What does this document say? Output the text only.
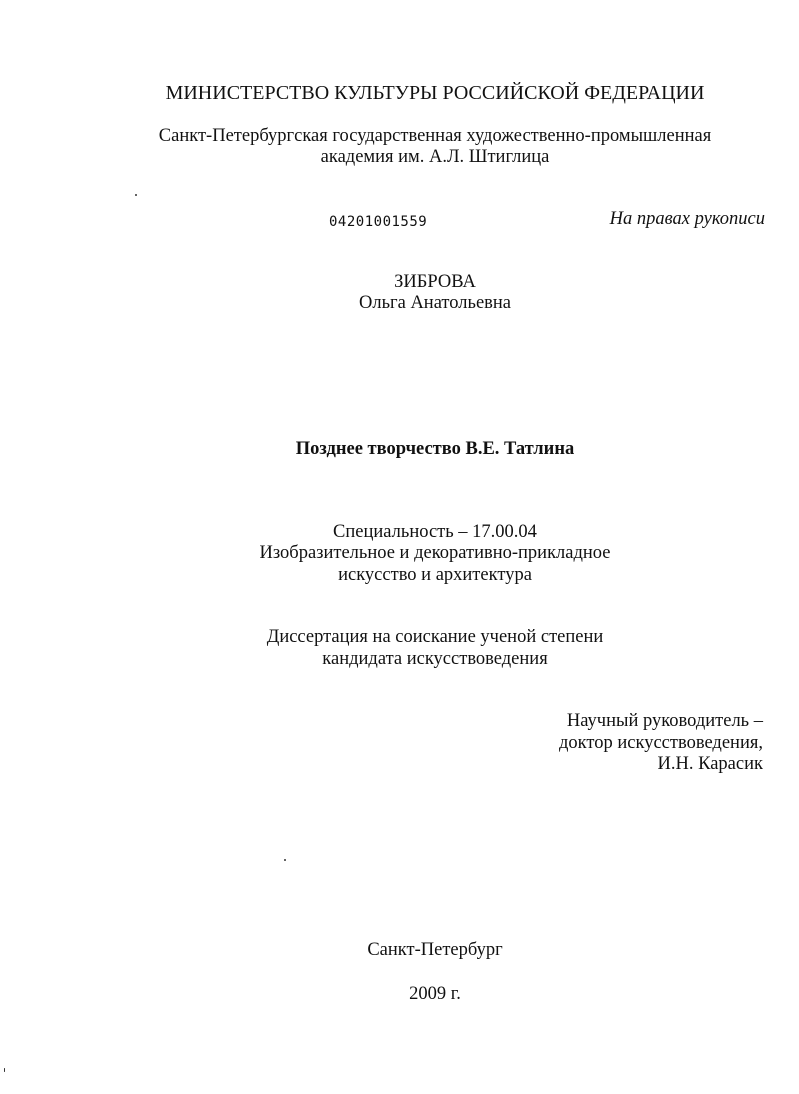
МИНИСТЕРСТВО КУЛЬТУРЫ РОССИЙСКОЙ ФЕДЕРАЦИИ
Санкт-Петербургская государственная художественно-промышленная
академия им. А.Л. Штиглица
04201001559	На правах рукописи
ЗИБРОВА
Ольга Анатольевна
Позднее творчество В.Е. Татлина
Специальность – 17.00.04
Изобразительное и декоративно-прикладное
искусство и архитектура
Диссертация на соискание ученой степени
кандидата искусствоведения
Научный руководитель –
доктор искусствоведения,
И.Н. Карасик
Санкт-Петербург
2009 г.
